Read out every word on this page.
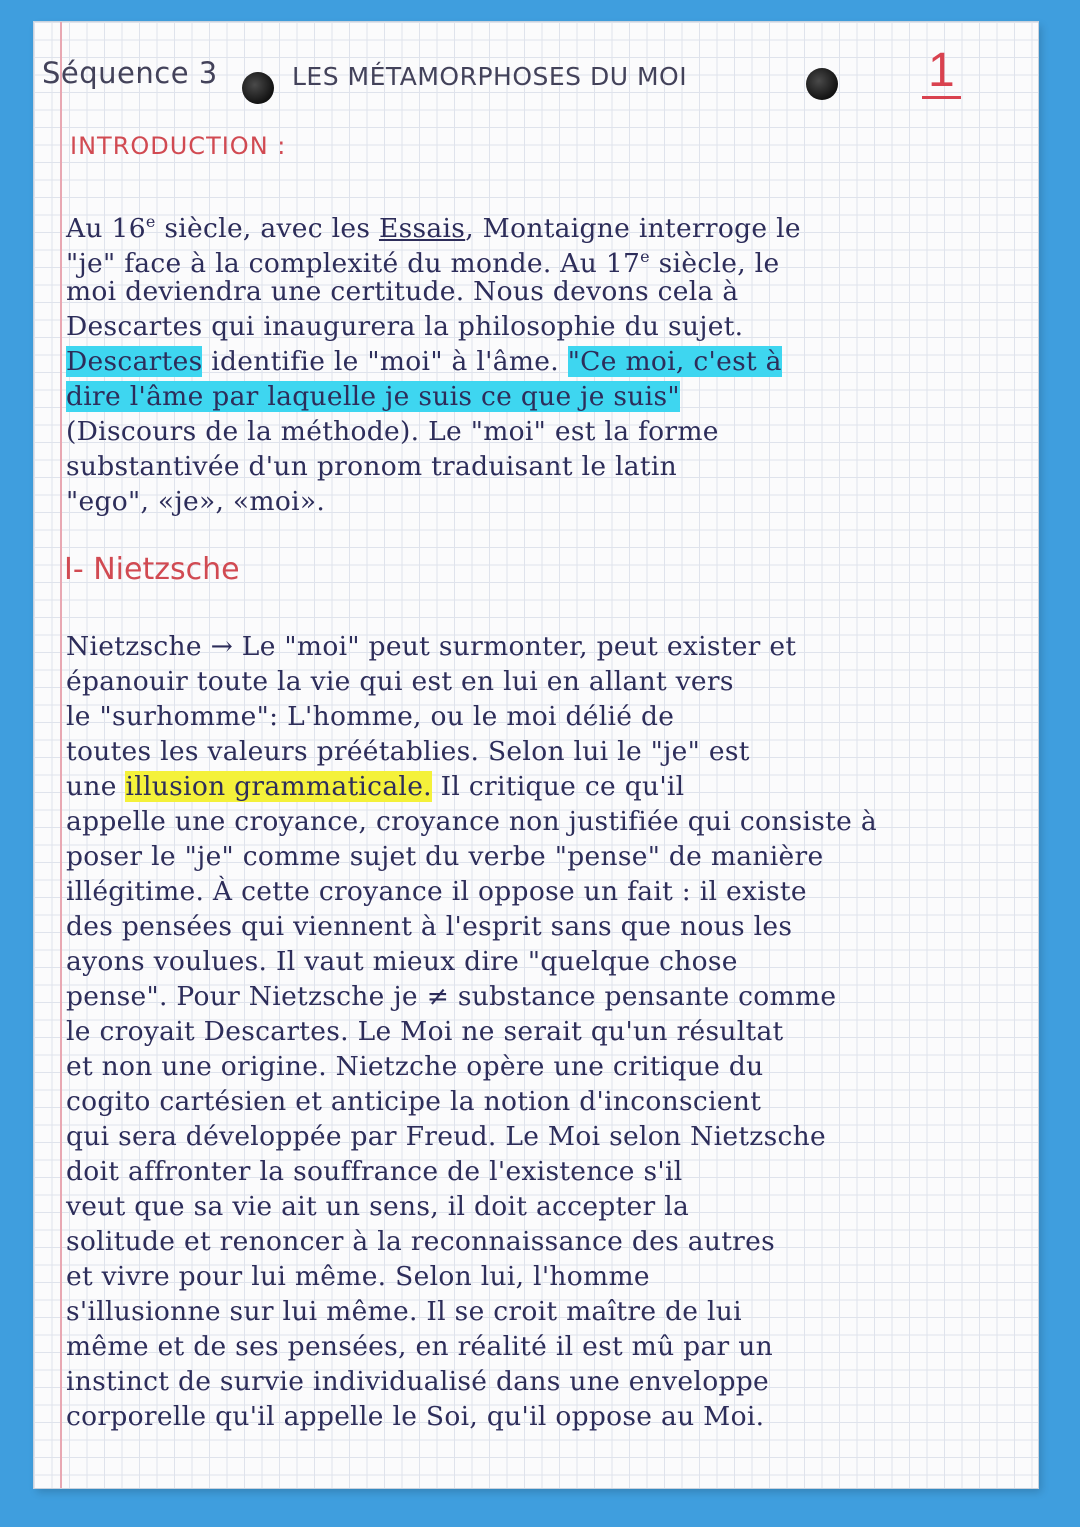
Séquence 3	LES MÉTAMORPHOSES DU MOI	1
INTRODUCTION :
Au 16e siècle, avec les Essais, Montaigne interroge le
"je" face à la complexité du monde. Au 17e siècle, le
moi deviendra une certitude. Nous devons cela à
Descartes qui inaugurera la philosophie du sujet.
Descartes identifie le "moi" à l'âme. "Ce moi, c'est à
dire l'âme par laquelle je suis ce que je suis"
(Discours de la méthode). Le "moi" est la forme
substantivée d'un pronom traduisant le latin
"ego", «je», «moi».
I- Nietzsche
Nietzsche → Le "moi" peut surmonter, peut exister et
épanouir toute la vie qui est en lui en allant vers
le "surhomme": L'homme, ou le moi délié de
toutes les valeurs préétablies. Selon lui le "je" est
une illusion grammaticale. Il critique ce qu'il
appelle une croyance, croyance non justifiée qui consiste à
poser le "je" comme sujet du verbe "pense" de manière
illégitime. À cette croyance il oppose un fait : il existe
des pensées qui viennent à l'esprit sans que nous les
ayons voulues. Il vaut mieux dire "quelque chose
pense". Pour Nietzsche je ≠ substance pensante comme
le croyait Descartes. Le Moi ne serait qu'un résultat
et non une origine. Nietzche opère une critique du
cogito cartésien et anticipe la notion d'inconscient
qui sera développée par Freud. Le Moi selon Nietzsche
doit affronter la souffrance de l'existence s'il
veut que sa vie ait un sens, il doit accepter la
solitude et renoncer à la reconnaissance des autres
et vivre pour lui même. Selon lui, l'homme
s'illusionne sur lui même. Il se croit maître de lui
même et de ses pensées, en réalité il est mû par un
instinct de survie individualisé dans une enveloppe
corporelle qu'il appelle le Soi, qu'il oppose au Moi.
